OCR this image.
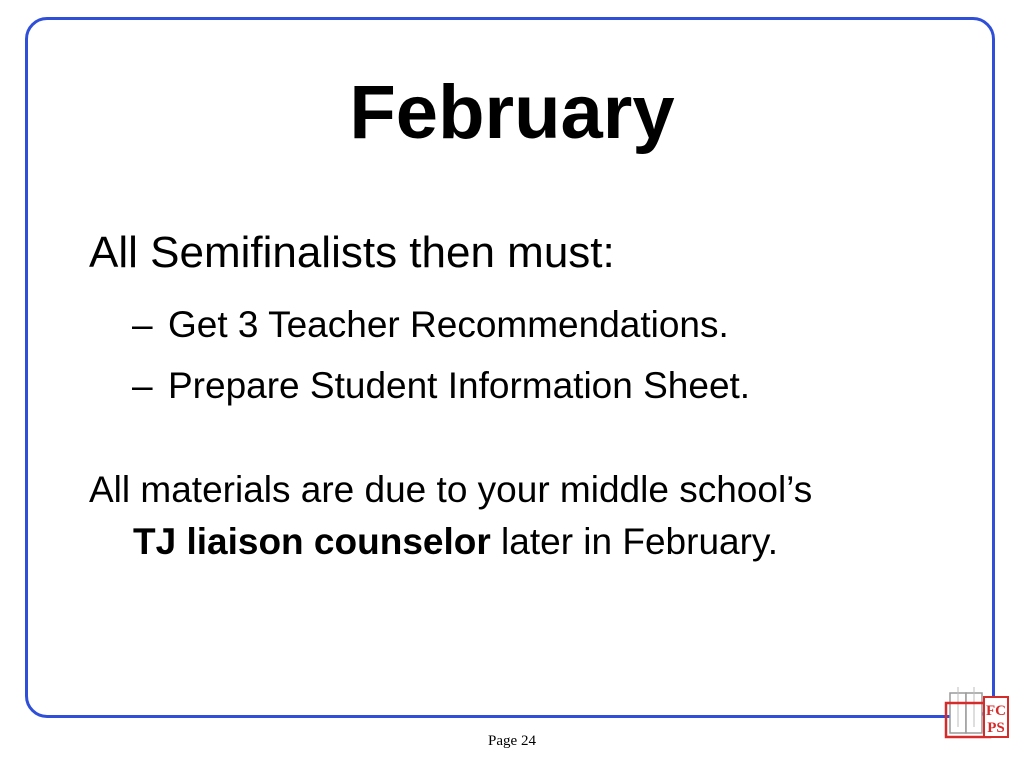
February
All Semifinalists then must:
– Get 3 Teacher Recommendations.
– Prepare Student Information Sheet.
All materials are due to your middle school’s
TJ liaison counselor later in February.
Page 24
FC
PS
